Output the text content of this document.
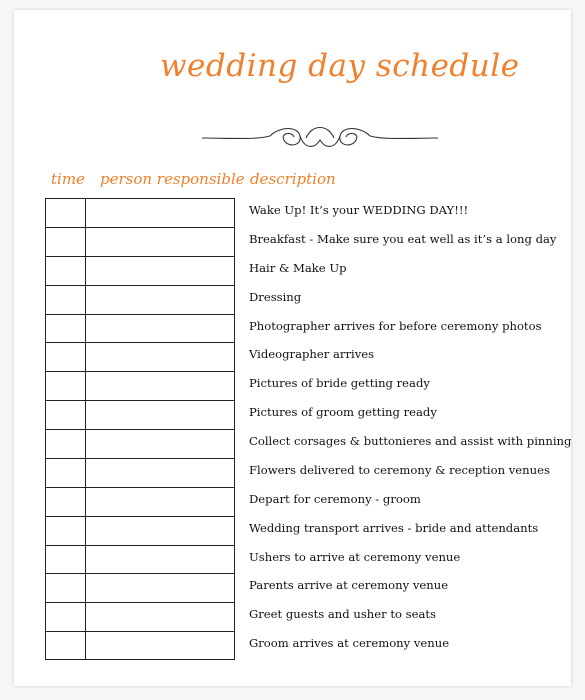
wedding day schedule
time person responsible description
Wake Up! It’s your WEDDING DAY!!!
Breakfast - Make sure you eat well as it’s a long day
Hair & Make Up
Dressing
Photographer arrives for before ceremony photos
Videographer arrives
Pictures of bride getting ready
Pictures of groom getting ready
Collect corsages & buttonieres and assist with pinning
Flowers delivered to ceremony & reception venues
Depart for ceremony - groom
Wedding transport arrives - bride and attendants
Ushers to arrive at ceremony venue
Parents arrive at ceremony venue
Greet guests and usher to seats
Groom arrives at ceremony venue
